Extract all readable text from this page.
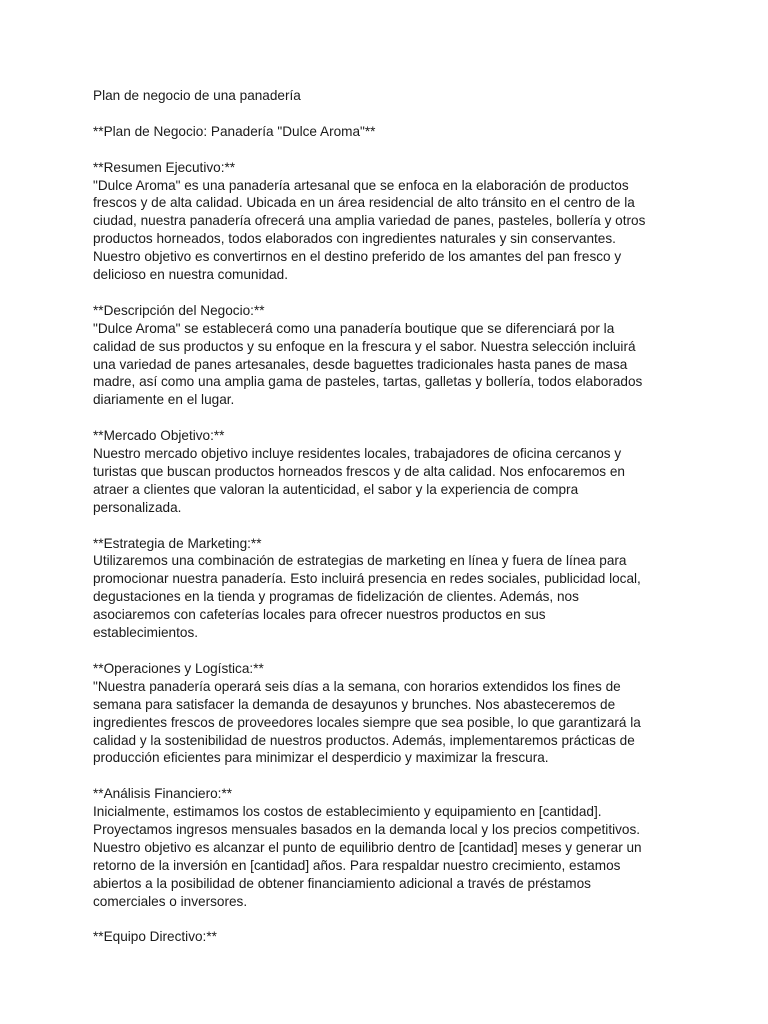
Plan de negocio de una panadería

**Plan de Negocio: Panadería "Dulce Aroma"**

**Resumen Ejecutivo:**

"Dulce Aroma" es una panadería artesanal que se enfoca en la elaboración de productos frescos y de alta calidad. Ubicada en un área residencial de alto tránsito en el centro de la ciudad, nuestra panadería ofrecerá una amplia variedad de panes, pasteles, bollería y otros productos horneados, todos elaborados con ingredientes naturales y sin conservantes. Nuestro objetivo es convertirnos en el destino preferido de los amantes del pan fresco y delicioso en nuestra comunidad.

**Descripción del Negocio:**

"Dulce Aroma" se establecerá como una panadería boutique que se diferenciará por la calidad de sus productos y su enfoque en la frescura y el sabor. Nuestra selección incluirá una variedad de panes artesanales, desde baguettes tradicionales hasta panes de masa madre, así como una amplia gama de pasteles, tartas, galletas y bollería, todos elaborados diariamente en el lugar.

**Mercado Objetivo:**

Nuestro mercado objetivo incluye residentes locales, trabajadores de oficina cercanos y turistas que buscan productos horneados frescos y de alta calidad. Nos enfocaremos en atraer a clientes que valoran la autenticidad, el sabor y la experiencia de compra personalizada.

**Estrategia de Marketing:**

Utilizaremos una combinación de estrategias de marketing en línea y fuera de línea para promocionar nuestra panadería. Esto incluirá presencia en redes sociales, publicidad local, degustaciones en la tienda y programas de fidelización de clientes. Además, nos asociaremos con cafeterías locales para ofrecer nuestros productos en sus establecimientos.

**Operaciones y Logística:**

"Nuestra panadería operará seis días a la semana, con horarios extendidos los fines de semana para satisfacer la demanda de desayunos y brunches. Nos abasteceremos de ingredientes frescos de proveedores locales siempre que sea posible, lo que garantizará la calidad y la sostenibilidad de nuestros productos. Además, implementaremos prácticas de producción eficientes para minimizar el desperdicio y maximizar la frescura.

**Análisis Financiero:**

Inicialmente, estimamos los costos de establecimiento y equipamiento en [cantidad]. Proyectamos ingresos mensuales basados en la demanda local y los precios competitivos. Nuestro objetivo es alcanzar el punto de equilibrio dentro de [cantidad] meses y generar un retorno de la inversión en [cantidad] años. Para respaldar nuestro crecimiento, estamos abiertos a la posibilidad de obtener financiamiento adicional a través de préstamos comerciales o inversores.

**Equipo Directivo:**
